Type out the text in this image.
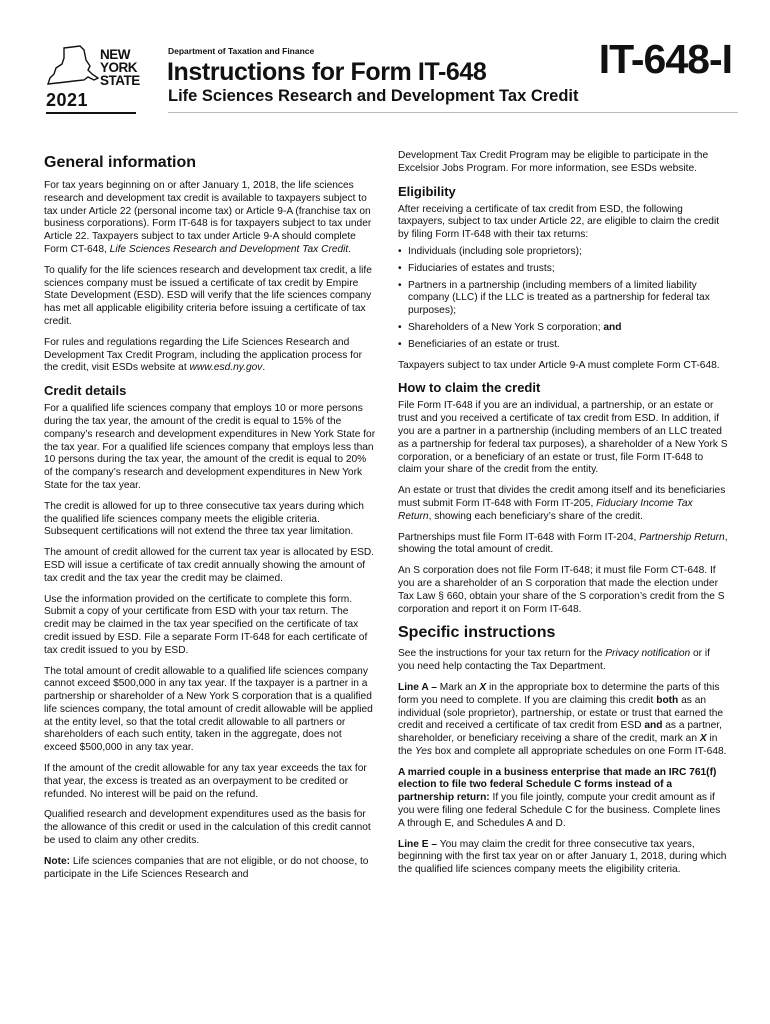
NEW
YORK
STATE
2021
Department of Taxation and Finance
Instructions for Form IT-648
Life Sciences Research and Development Tax Credit
IT-648-I
General information

For tax years beginning on or after January 1, 2018, the life sciences research and development tax credit is available to taxpayers subject to tax under Article 22 (personal income tax) or Article 9-A (franchise tax on business corporations). Form IT-648 is for taxpayers subject to tax under Article 22. Taxpayers subject to tax under Article 9-A should complete Form CT-648, Life Sciences Research and Development Tax Credit.

To qualify for the life sciences research and development tax credit, a life sciences company must be issued a certificate of tax credit by Empire State Development (ESD). ESD will verify that the life sciences company has met all applicable eligibility criteria before issuing a certificate of tax credit.

For rules and regulations regarding the Life Sciences Research and Development Tax Credit Program, including the application process for the credit, visit ESDs website at www.esd.ny.gov.

Credit details

For a qualified life sciences company that employs 10 or more persons during the tax year, the amount of the credit is equal to 15% of the company’s research and development expenditures in New York State for the tax year. For a qualified life sciences company that employs less than 10 persons during the tax year, the amount of the credit is equal to 20% of the company’s research and development expenditures in New York State for the tax year.

The credit is allowed for up to three consecutive tax years during which the qualified life sciences company meets the eligible criteria. Subsequent certifications will not extend the three tax year limitation.

The amount of credit allowed for the current tax year is allocated by ESD. ESD will issue a certificate of tax credit annually showing the amount of tax credit and the tax year the credit may be claimed.

Use the information provided on the certificate to complete this form. Submit a copy of your certificate from ESD with your tax return. The credit may be claimed in the tax year specified on the certificate of tax credit issued by ESD. File a separate Form IT-648 for each certificate of tax credit issued to you by ESD.

The total amount of credit allowable to a qualified life sciences company cannot exceed $500,000 in any tax year. If the taxpayer is a partner in a partnership or shareholder of a New York S corporation that is a qualified life sciences company, the total amount of credit allowable will be applied at the entity level, so that the total credit allowable to all partners or shareholders of each such entity, taken in the aggregate, does not exceed $500,000 in any tax year.

If the amount of the credit allowable for any tax year exceeds the tax for that year, the excess is treated as an overpayment to be credited or refunded. No interest will be paid on the refund.

Qualified research and development expenditures used as the basis for the allowance of this credit or used in the calculation of this credit cannot be used to claim any other credits.

Note: Life sciences companies that are not eligible, or do not choose, to participate in the Life Sciences Research and

Development Tax Credit Program may be eligible to participate in the Excelsior Jobs Program. For more information, see ESDs website.

Eligibility

After receiving a certificate of tax credit from ESD, the following taxpayers, subject to tax under Article 22, are eligible to claim the credit by filing Form IT-648 with their tax returns:

• Individuals (including sole proprietors);
• Fiduciaries of estates and trusts;
• Partners in a partnership (including members of a limited liability company (LLC) if the LLC is treated as a partnership for federal tax purposes);
• Shareholders of a New York S corporation; and
• Beneficiaries of an estate or trust.

Taxpayers subject to tax under Article 9-A must complete Form CT-648.

How to claim the credit

File Form IT-648 if you are an individual, a partnership, or an estate or trust and you received a certificate of tax credit from ESD. In addition, if you are a partner in a partnership (including members of an LLC treated as a partnership for federal tax purposes), a shareholder of a New York S corporation, or a beneficiary of an estate or trust, file Form IT-648 to claim your share of the credit from the entity.

An estate or trust that divides the credit among itself and its beneficiaries must submit Form IT-648 with Form IT-205, Fiduciary Income Tax Return, showing each beneficiary’s share of the credit.

Partnerships must file Form IT-648 with Form IT-204, Partnership Return, showing the total amount of credit.

An S corporation does not file Form IT-648; it must file Form CT-648. If you are a shareholder of an S corporation that made the election under Tax Law § 660, obtain your share of the S corporation’s credit from the S corporation and report it on Form IT-648.

Specific instructions

See the instructions for your tax return for the Privacy notification or if you need help contacting the Tax Department.

Line A – Mark an X in the appropriate box to determine the parts of this form you need to complete. If you are claiming this credit both as an individual (sole proprietor), partnership, or estate or trust that earned the credit and received a certificate of tax credit from ESD and as a partner, shareholder, or beneficiary receiving a share of the credit, mark an X in the Yes box and complete all appropriate schedules on one Form IT-648.

A married couple in a business enterprise that made an IRC 761(f) election to file two federal Schedule C forms instead of a partnership return: If you file jointly, compute your credit amount as if you were filing one federal Schedule C for the business. Complete lines A through E, and Schedules A and D.

Line E – You may claim the credit for three consecutive tax years, beginning with the first tax year on or after January 1, 2018, during which the qualified life sciences company meets the eligibility criteria.
